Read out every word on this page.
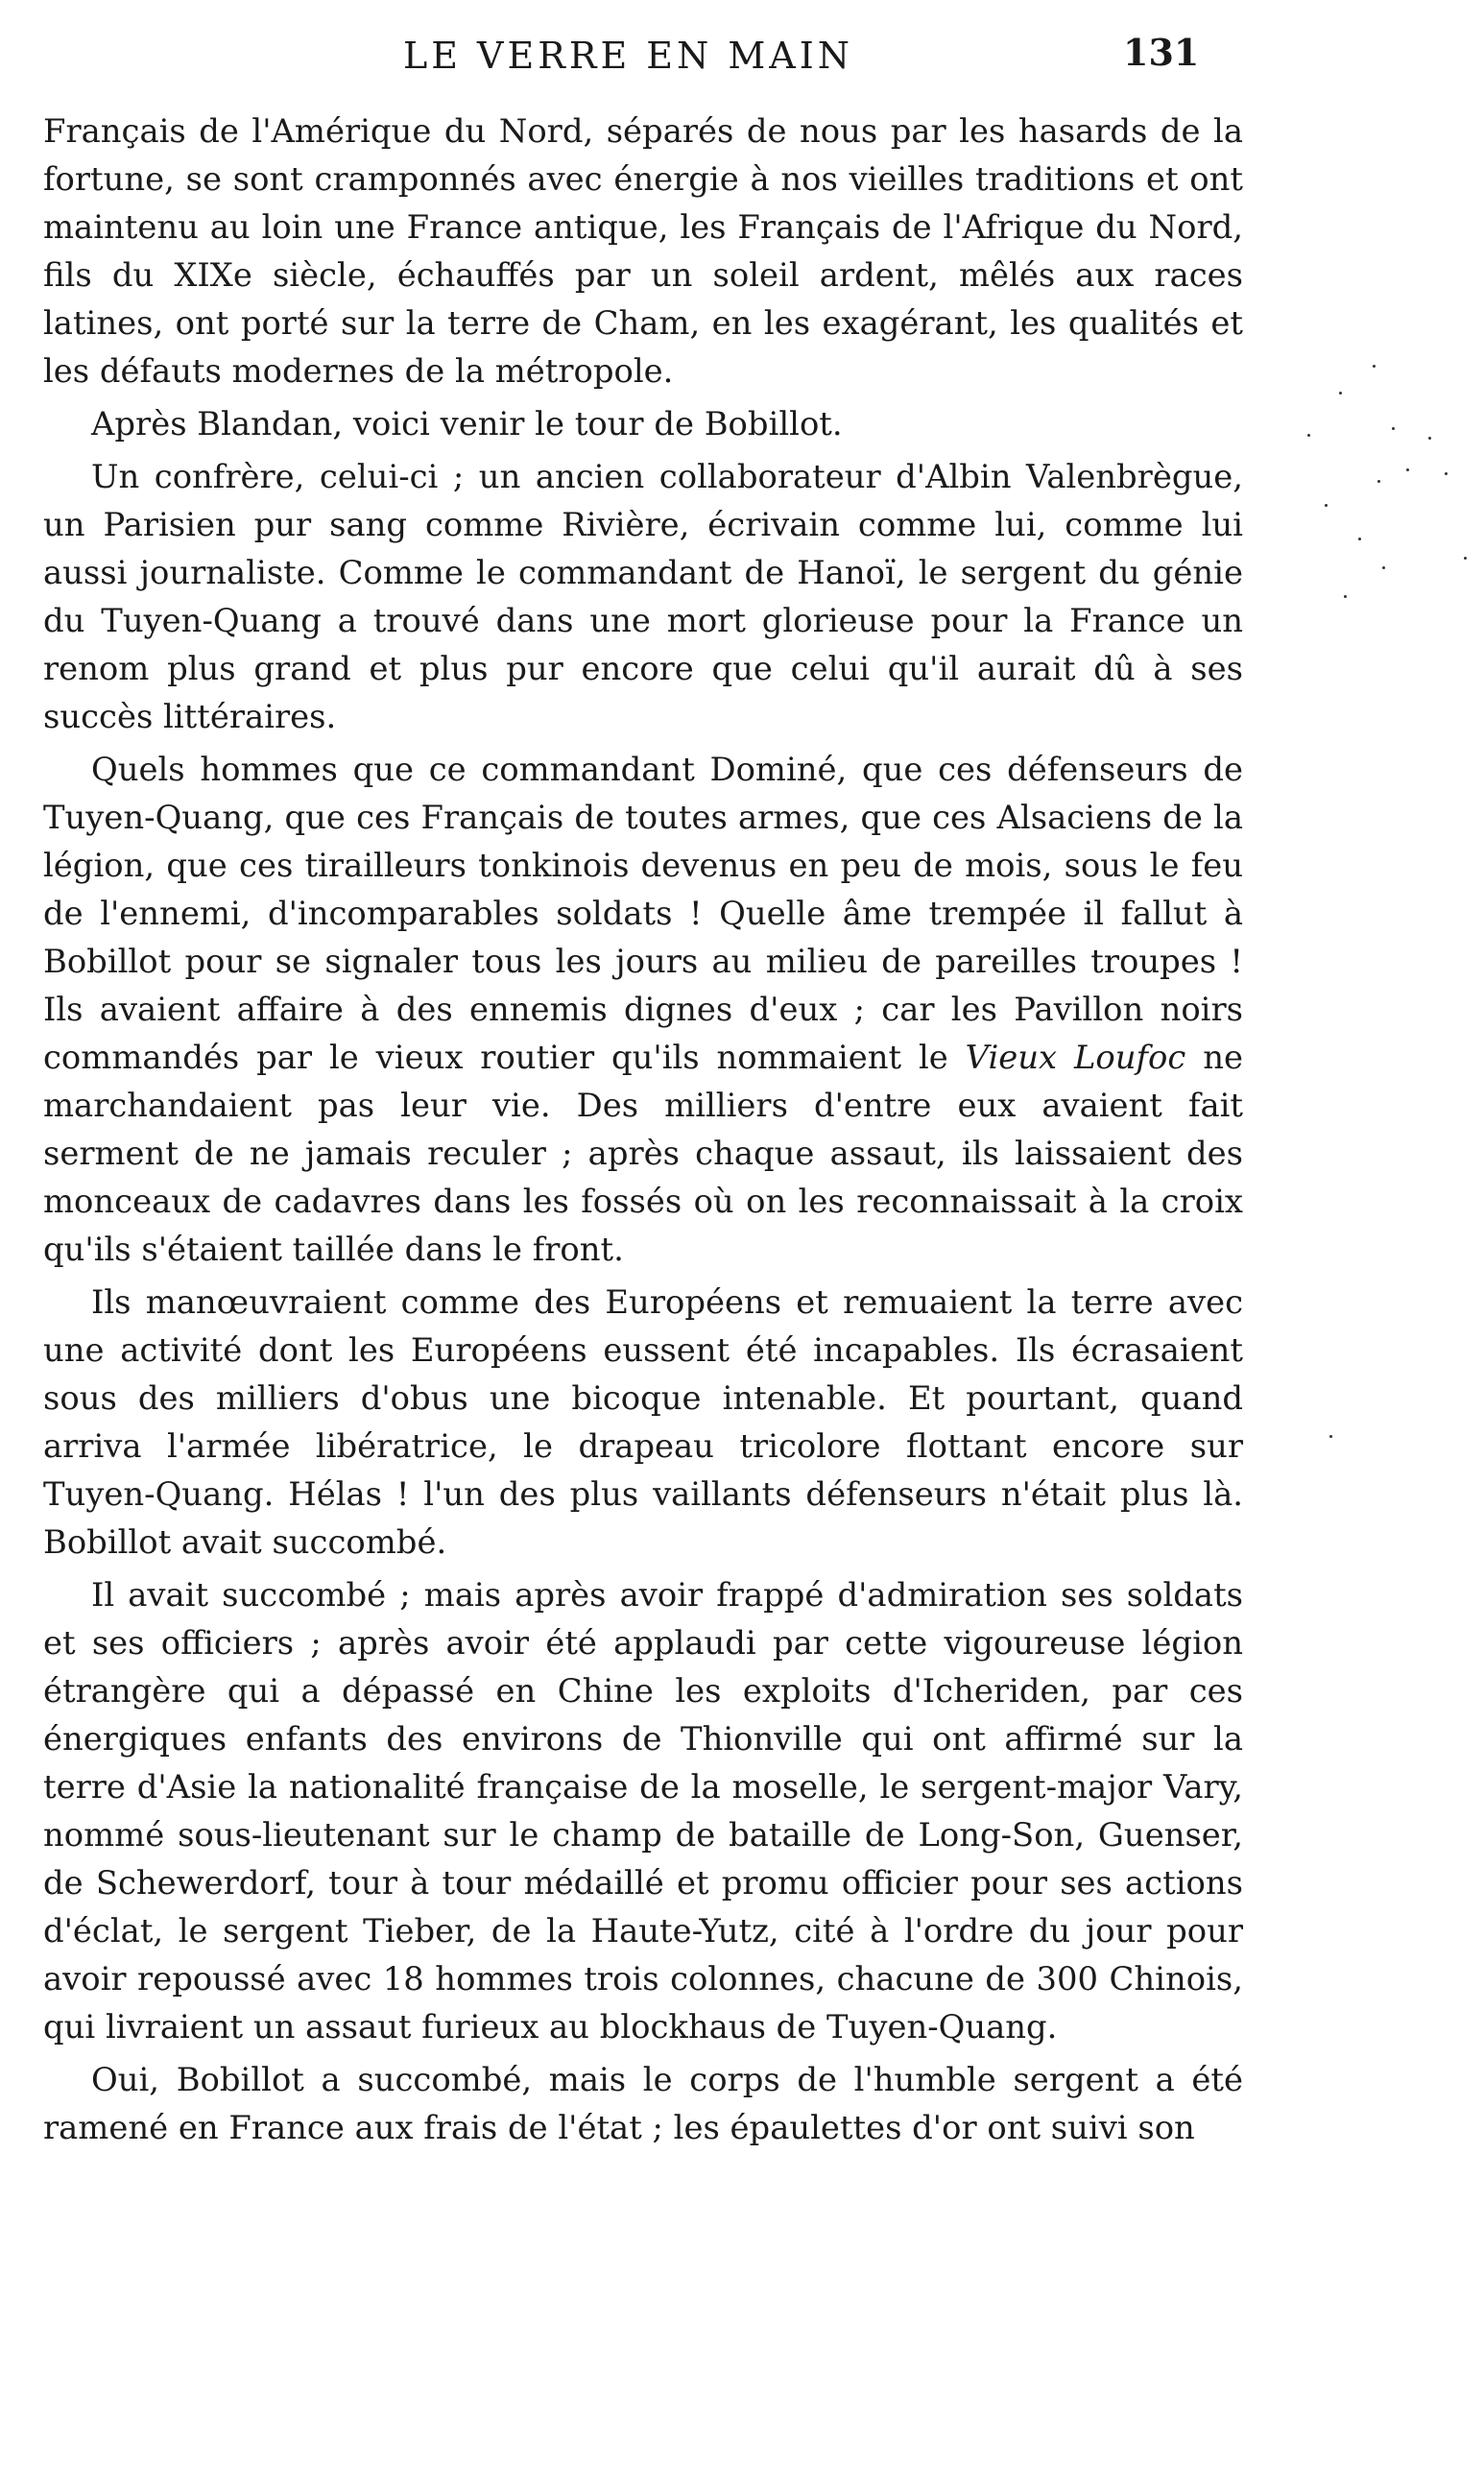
LE VERRE EN MAIN	131

Français de l'Amérique du Nord, séparés de nous par les hasards de la fortune, se sont cramponnés avec énergie à nos vieilles traditions et ont maintenu au loin une France antique, les Français de l'Afrique du Nord, fils du XIXe siècle, échauffés par un soleil ardent, mêlés aux races latines, ont porté sur la terre de Cham, en les exagérant, les qualités et les défauts modernes de la métropole.

Après Blandan, voici venir le tour de Bobillot.

Un confrère, celui-ci ; un ancien collaborateur d'Albin Valenbrègue, un Parisien pur sang comme Rivière, écrivain comme lui, comme lui aussi journaliste. Comme le commandant de Hanoï, le sergent du génie du Tuyen-Quang a trouvé dans une mort glorieuse pour la France un renom plus grand et plus pur encore que celui qu'il aurait dû à ses succès littéraires.

Quels hommes que ce commandant Dominé, que ces défenseurs de Tuyen-Quang, que ces Français de toutes armes, que ces Alsaciens de la légion, que ces tirailleurs tonkinois devenus en peu de mois, sous le feu de l'ennemi, d'incomparables soldats ! Quelle âme trempée il fallut à Bobillot pour se signaler tous les jours au milieu de pareilles troupes ! Ils avaient affaire à des ennemis dignes d'eux ; car les Pavillon noirs commandés par le vieux routier qu'ils nommaient le Vieux Loufoc ne marchandaient pas leur vie. Des milliers d'entre eux avaient fait serment de ne jamais reculer ; après chaque assaut, ils laissaient des monceaux de cadavres dans les fossés où on les reconnaissait à la croix qu'ils s'étaient taillée dans le front.

Ils manœuvraient comme des Européens et remuaient la terre avec une activité dont les Européens eussent été incapables. Ils écrasaient sous des milliers d'obus une bicoque intenable. Et pourtant, quand arriva l'armée libératrice, le drapeau tricolore flottant encore sur Tuyen-Quang. Hélas ! l'un des plus vaillants défenseurs n'était plus là. Bobillot avait succombé.

Il avait succombé ; mais après avoir frappé d'admiration ses soldats et ses officiers ; après avoir été applaudi par cette vigoureuse légion étrangère qui a dépassé en Chine les exploits d'Icheriden, par ces énergiques enfants des environs de Thionville qui ont affirmé sur la terre d'Asie la nationalité française de la moselle, le sergent-major Vary, nommé sous-lieutenant sur le champ de bataille de Long-Son, Guenser, de Schewerdorf, tour à tour médaillé et promu officier pour ses actions d'éclat, le sergent Tieber, de la Haute-Yutz, cité à l'ordre du jour pour avoir repoussé avec 18 hommes trois colonnes, chacune de 300 Chinois, qui livraient un assaut furieux au blockhaus de Tuyen-Quang.

Oui, Bobillot a succombé, mais le corps de l'humble sergent a été ramené en France aux frais de l'état ; les épaulettes d'or ont suivi son
